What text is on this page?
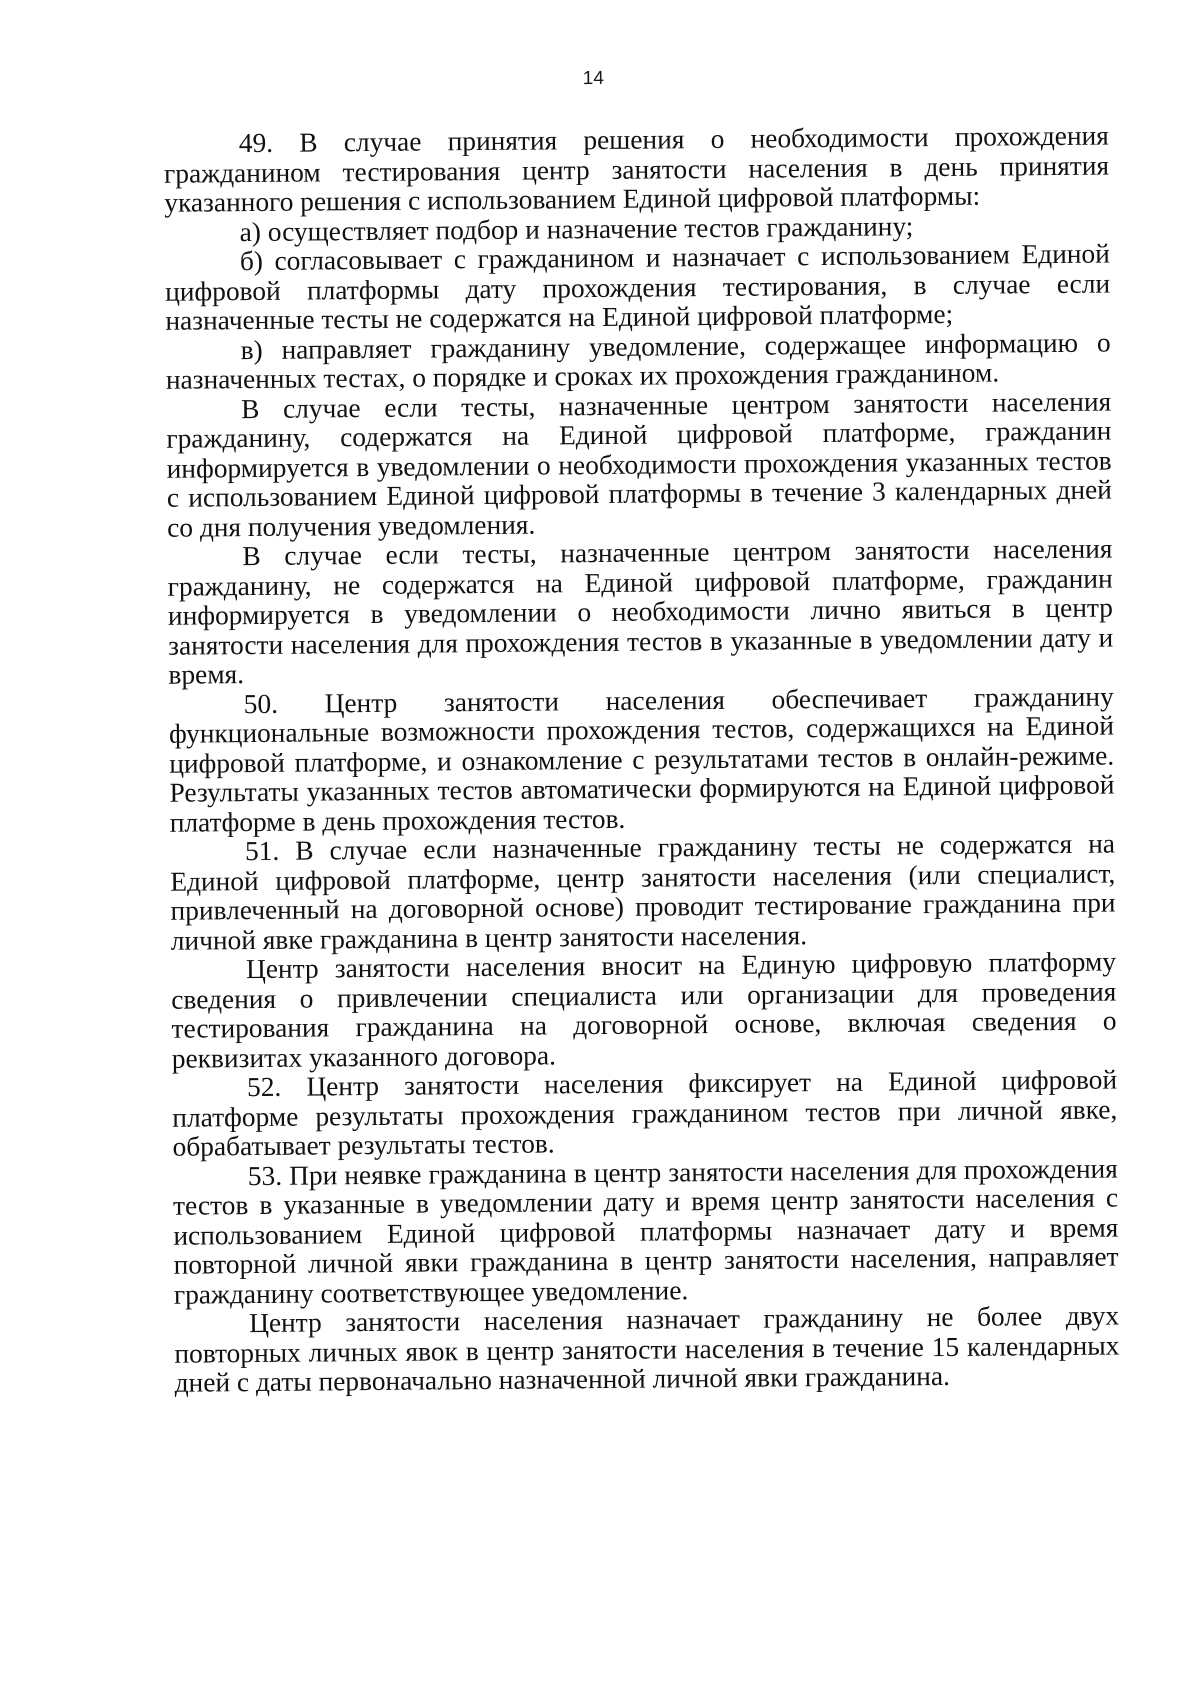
14

49. В случае принятия решения о необходимости прохождения гражданином тестирования центр занятости населения в день принятия указанного решения с использованием Единой цифровой платформы:

а) осуществляет подбор и назначение тестов гражданину;

б) согласовывает с гражданином и назначает с использованием Единой цифровой платформы дату прохождения тестирования, в случае если назначенные тесты не содержатся на Единой цифровой платформе;

в) направляет гражданину уведомление, содержащее информацию о назначенных тестах, о порядке и сроках их прохождения гражданином.

В случае если тесты, назначенные центром занятости населения гражданину, содержатся на Единой цифровой платформе, гражданин информируется в уведомлении о необходимости прохождения указанных тестов с использованием Единой цифровой платформы в течение 3 календарных дней со дня получения уведомления.

В случае если тесты, назначенные центром занятости населения гражданину, не содержатся на Единой цифровой платформе, гражданин информируется в уведомлении о необходимости лично явиться в центр занятости населения для прохождения тестов в указанные в уведомлении дату и время.

50. Центр занятости населения обеспечивает гражданину функциональные возможности прохождения тестов, содержащихся на Единой цифровой платформе, и ознакомление с результатами тестов в онлайн-режиме. Результаты указанных тестов автоматически формируются на Единой цифровой платформе в день прохождения тестов.

51. В случае если назначенные гражданину тесты не содержатся на Единой цифровой платформе, центр занятости населения (или специалист, привлеченный на договорной основе) проводит тестирование гражданина при личной явке гражданина в центр занятости населения.

Центр занятости населения вносит на Единую цифровую платформу сведения о привлечении специалиста или организации для проведения тестирования гражданина на договорной основе, включая сведения о реквизитах указанного договора.

52. Центр занятости населения фиксирует на Единой цифровой платформе результаты прохождения гражданином тестов при личной явке, обрабатывает результаты тестов.

53. При неявке гражданина в центр занятости населения для прохождения тестов в указанные в уведомлении дату и время центр занятости населения с использованием Единой цифровой платформы назначает дату и время повторной личной явки гражданина в центр занятости населения, направляет гражданину соответствующее уведомление.

Центр занятости населения назначает гражданину не более двух повторных личных явок в центр занятости населения в течение 15 календарных дней с даты первоначально назначенной личной явки гражданина.
